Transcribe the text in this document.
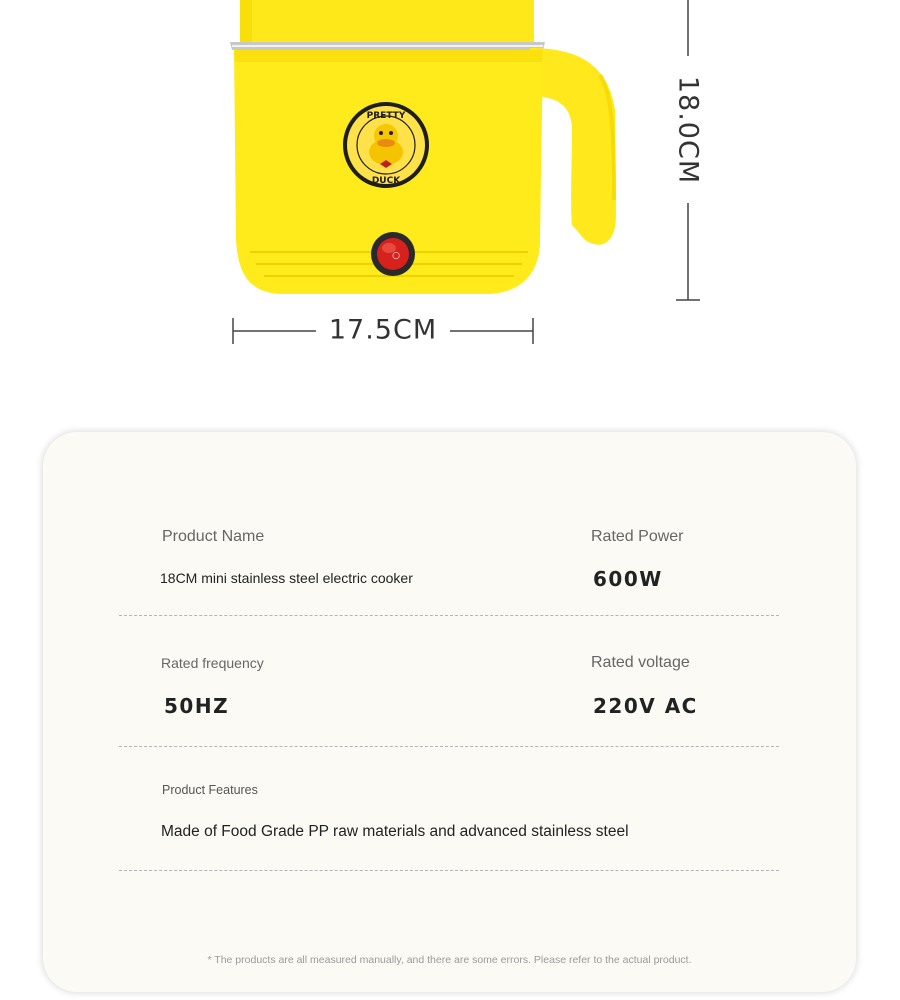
PRETTY
DUCK
○
18.0CM
17.5CM
Product Name
18CM mini stainless steel electric cooker
Rated Power
600W
Rated frequency
50HZ
Rated voltage
220V AC
Product Features
Made of Food Grade PP raw materials and advanced stainless steel
* The products are all measured manually, and there are some errors. Please refer to the actual product.
